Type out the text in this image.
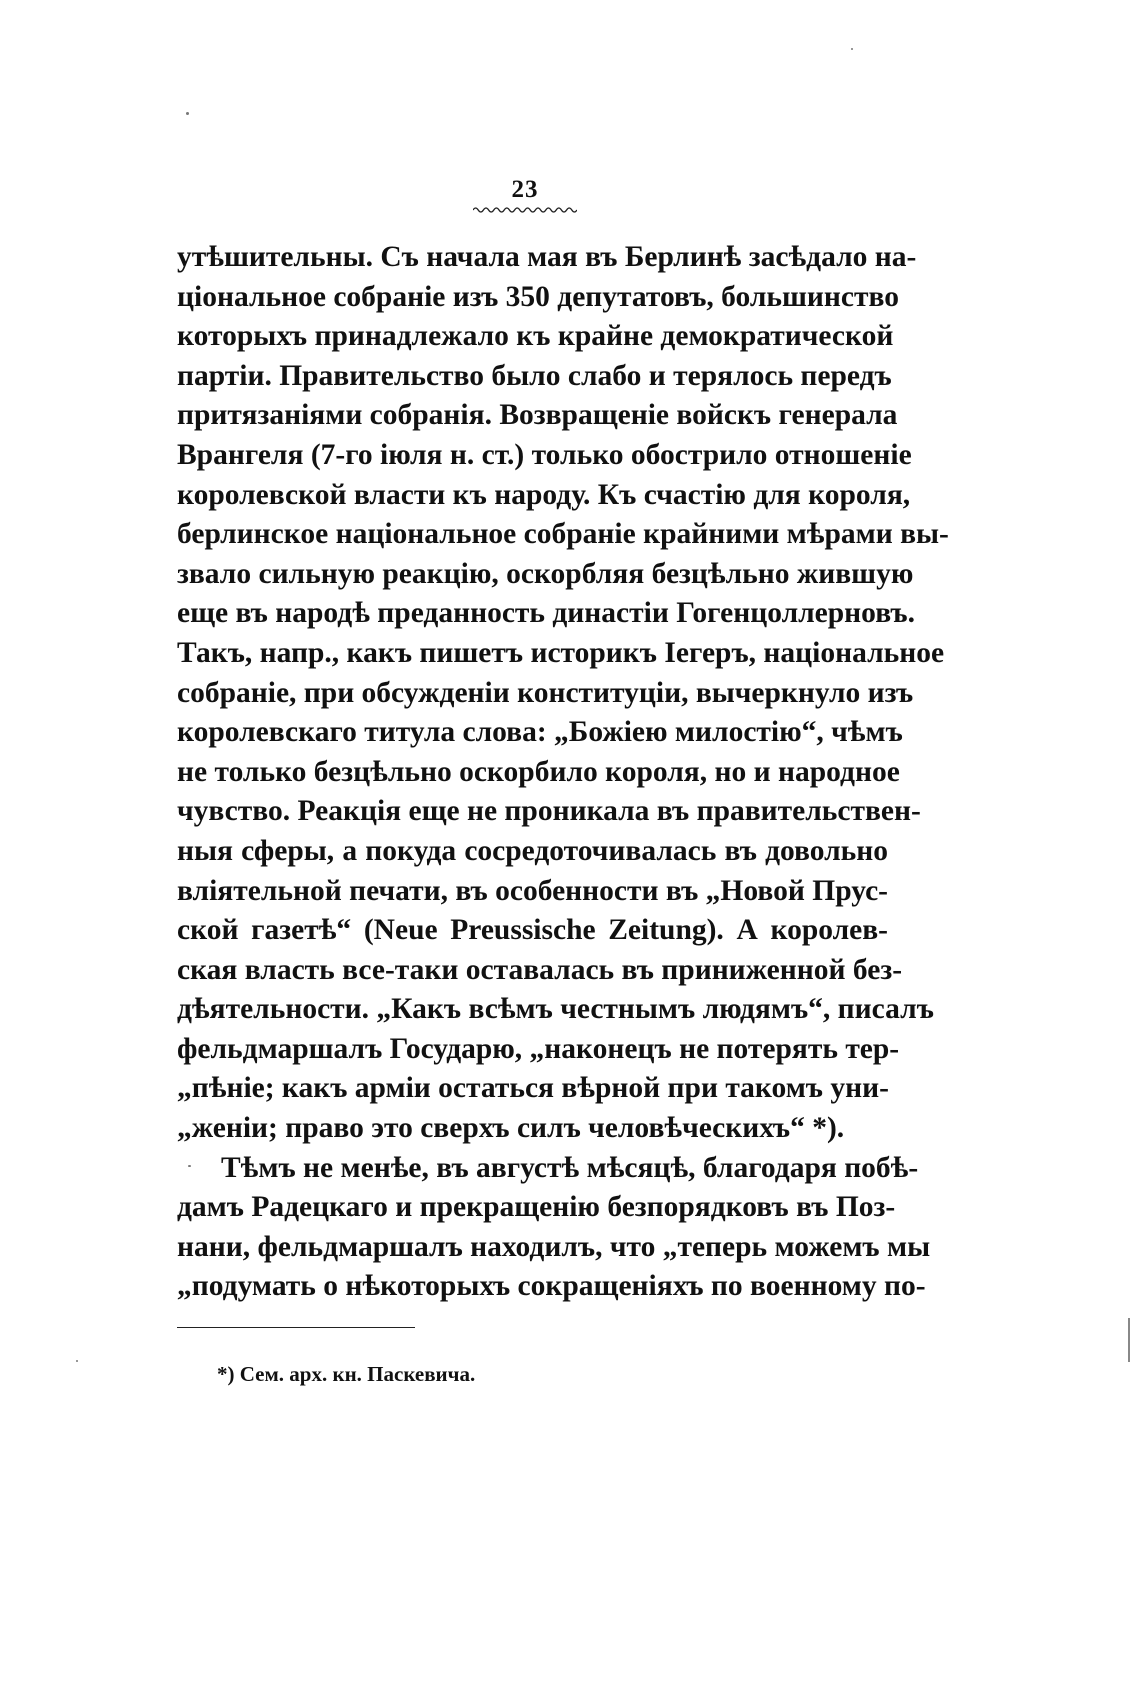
23
утѣшительны. Съ начала мая въ Берлинѣ засѣдало на-
ціональное собраніе изъ 350 депутатовъ, большинство
которыхъ принадлежало къ крайне демократической
партіи. Правительство было слабо и терялось передъ
притязаніями собранія. Возвращеніе войскъ генерала
Врангеля (7-го іюля н. ст.) только обострило отношеніе
королевской власти къ народу. Къ счастію для короля,
берлинское національное собраніе крайними мѣрами вы-
звало сильную реакцію, оскорбляя безцѣльно жившую
еще въ народѣ преданность династіи Гогенцоллерновъ.
Такъ, напр., какъ пишетъ историкъ Іегеръ, національное
собраніе, при обсужденіи конституціи, вычеркнуло изъ
королевскаго титула слова: „Божіею милостію“, чѣмъ
не только безцѣльно оскорбило короля, но и народное
чувство. Реакція еще не проникала въ правительствен-
ныя сферы, а покуда сосредоточивалась въ довольно
вліятельной печати, въ особенности въ „Новой Прус-
ской газетѣ“ (Neue Preussische Zeitung). А королев-
ская власть все-таки оставалась въ приниженной без-
дѣятельности. „Какъ всѣмъ честнымъ людямъ“, писалъ
фельдмаршалъ Государю, „наконецъ не потерять тер-
„пѣніе; какъ арміи остаться вѣрной при такомъ уни-
„женіи; право это сверхъ силъ человѣческихъ“ *).
Тѣмъ не менѣе, въ августѣ мѣсяцѣ, благодаря побѣ-
дамъ Радецкаго и прекращенію безпорядковъ въ Поз-
нани, фельдмаршалъ находилъ, что „теперь можемъ мы
„подумать о нѣкоторыхъ сокращеніяхъ по военному по-
*) Сем. арх. кн. Паскевича.
